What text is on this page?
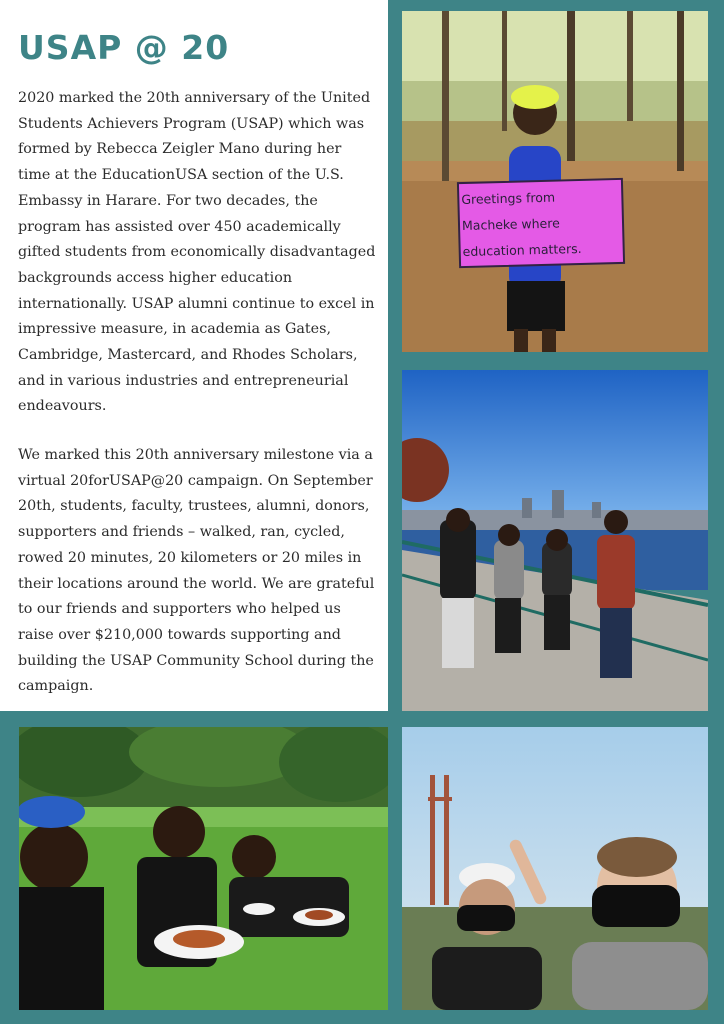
USAP @ 20

2020 marked the 20th anniversary of the United Students Achievers Program (USAP) which was formed by Rebecca Zeigler Mano during her time at the EducationUSA section of the U.S. Embassy in Harare. For two decades, the program has assisted over 450 academically gifted students from economically disadvantaged backgrounds access higher education internationally. USAP alumni continue to excel in impressive measure, in academia as Gates, Cambridge, Mastercard, and Rhodes Scholars, and in various industries and entrepreneurial endeavours.

We marked this 20th anniversary milestone via a virtual 20forUSAP@20 campaign. On September 20th, students, faculty, trustees, alumni, donors, supporters and friends – walked, ran, cycled, rowed 20 minutes, 20 kilometers or 20 miles in their locations around the world. We are grateful to our friends and supporters who helped us raise over $210,000 towards supporting and building the USAP Community School during the campaign.

Greetings from
Macheke where
education matters.
